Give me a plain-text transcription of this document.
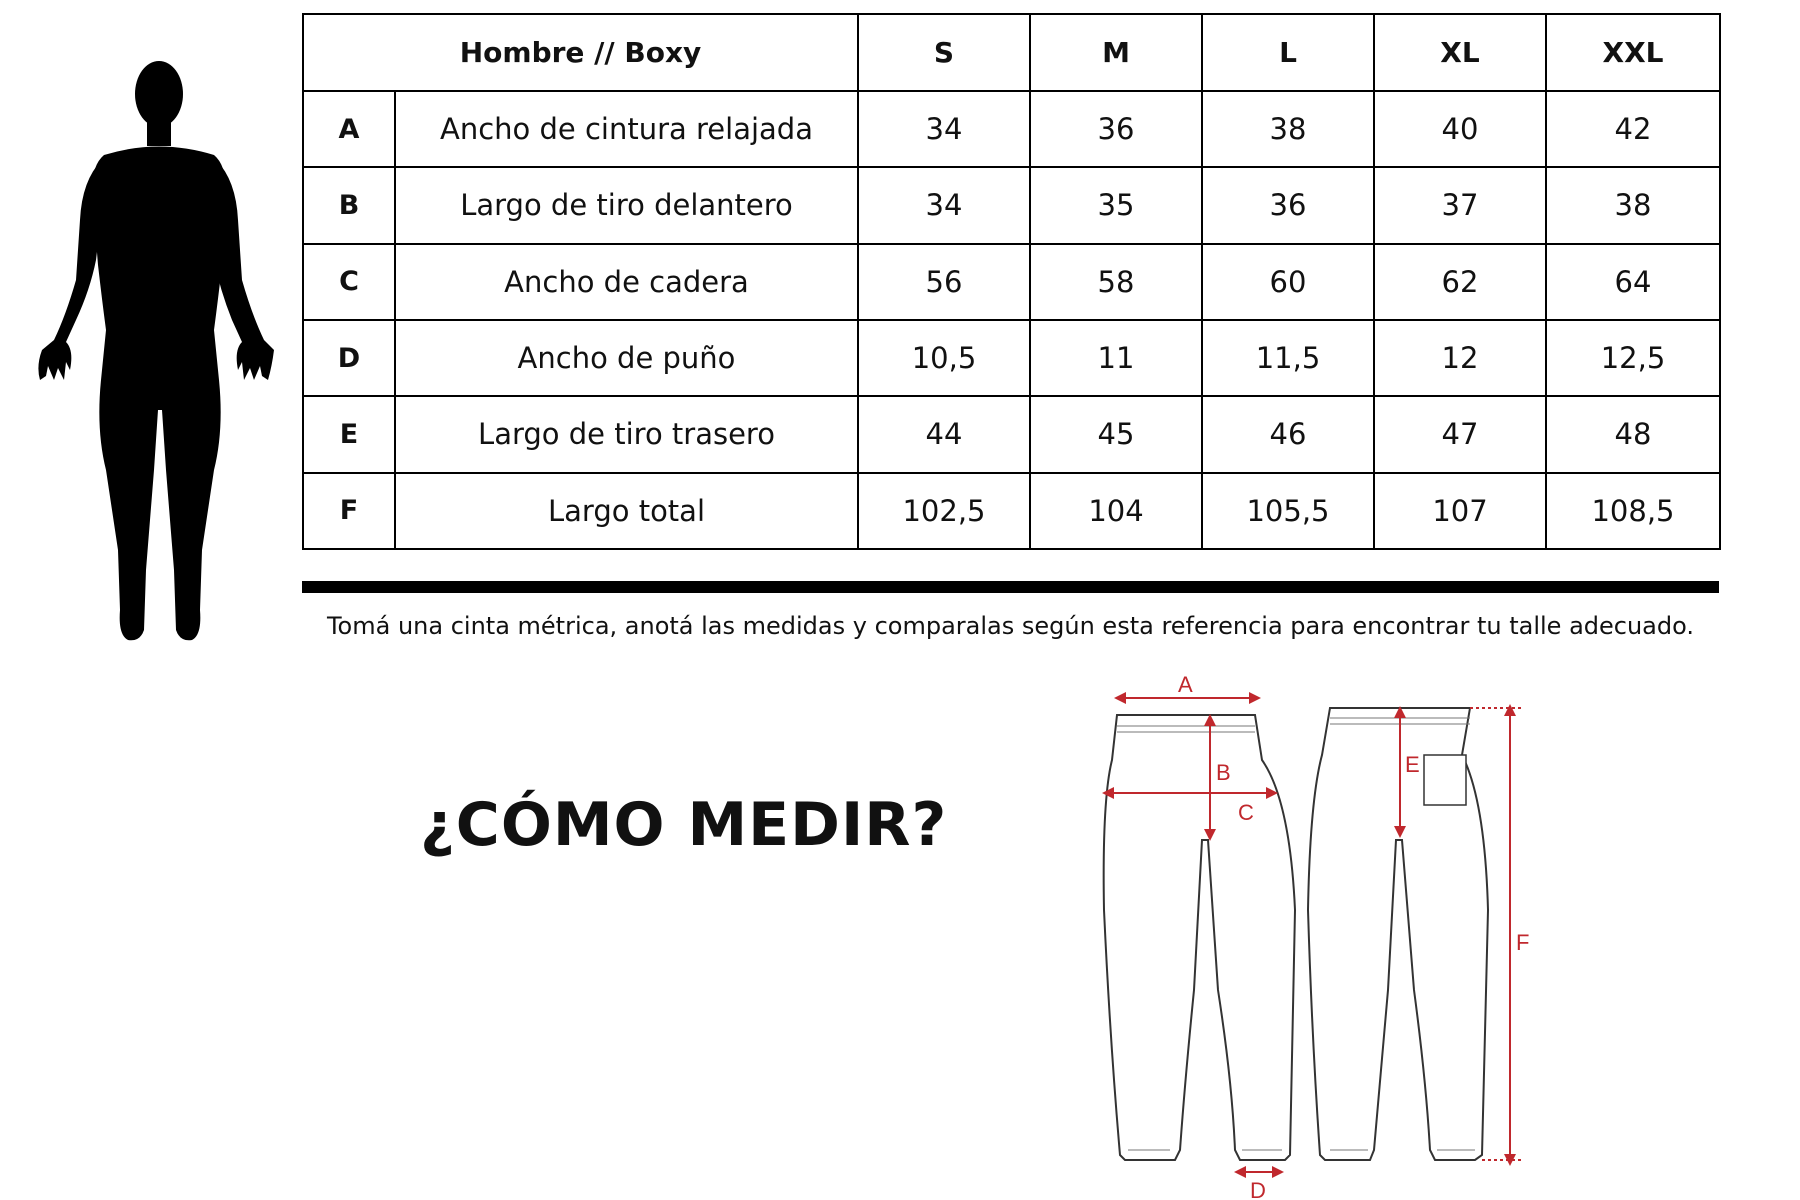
Hombre // Boxy		S	M	L	XL	XXL
A	Ancho de cintura relajada	34	36	38	40	42
B	Largo de tiro delantero	34	35	36	37	38
C	Ancho de cadera	56	58	60	62	64
D	Ancho de puño	10,5	11	11,5	12	12,5
E	Largo de tiro trasero	44	45	46	47	48
F	Largo total	102,5	104	105,5	107	108,5
Tomá una cinta métrica, anotá las medidas y comparalas según esta referencia para encontrar tu talle adecuado.
¿CÓMO MEDIR?
A
B
C
D
E
F
